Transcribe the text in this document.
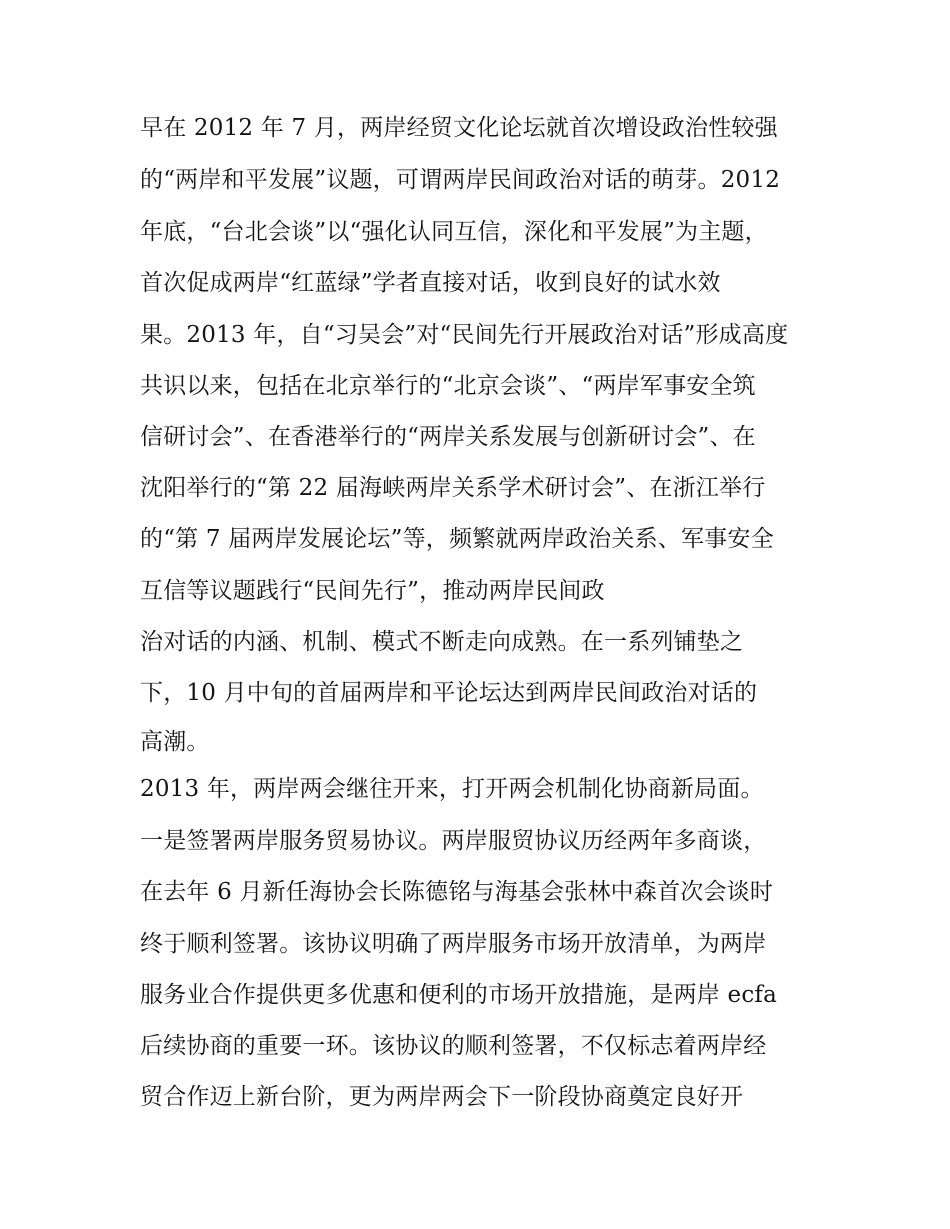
早在 2012 年 7 月，两岸经贸文化论坛就首次增设政治性较强
的“两岸和平发展”议题，可谓两岸民间政治对话的萌芽。2012
年底，“台北会谈”以“强化认同互信，深化和平发展”为主题，
首次促成两岸“红蓝绿”学者直接对话，收到良好的试水效
果。2013 年，自“习吴会”对“民间先行开展政治对话”形成高度
共识以来，包括在北京举行的“北京会谈”、“两岸军事安全筑
信研讨会”、在香港举行的“两岸关系发展与创新研讨会”、在
沈阳举行的“第 22 届海峡两岸关系学术研讨会”、在浙江举行
的“第 7 届两岸发展论坛”等，频繁就两岸政治关系、军事安全
互信等议题践行“民间先行”，推动两岸民间政
治对话的内涵、机制、模式不断走向成熟。在一系列铺垫之
下，10 月中旬的首届两岸和平论坛达到两岸民间政治对话的
高潮。
2013 年，两岸两会继往开来，打开两会机制化协商新局面。
一是签署两岸服务贸易协议。两岸服贸协议历经两年多商谈，
在去年 6 月新任海协会长陈德铭与海基会张林中森首次会谈时
终于顺利签署。该协议明确了两岸服务市场开放清单，为两岸
服务业合作提供更多优惠和便利的市场开放措施，是两岸 ecfa
后续协商的重要一环。该协议的顺利签署，不仅标志着两岸经
贸合作迈上新台阶，更为两岸两会下一阶段协商奠定良好开
